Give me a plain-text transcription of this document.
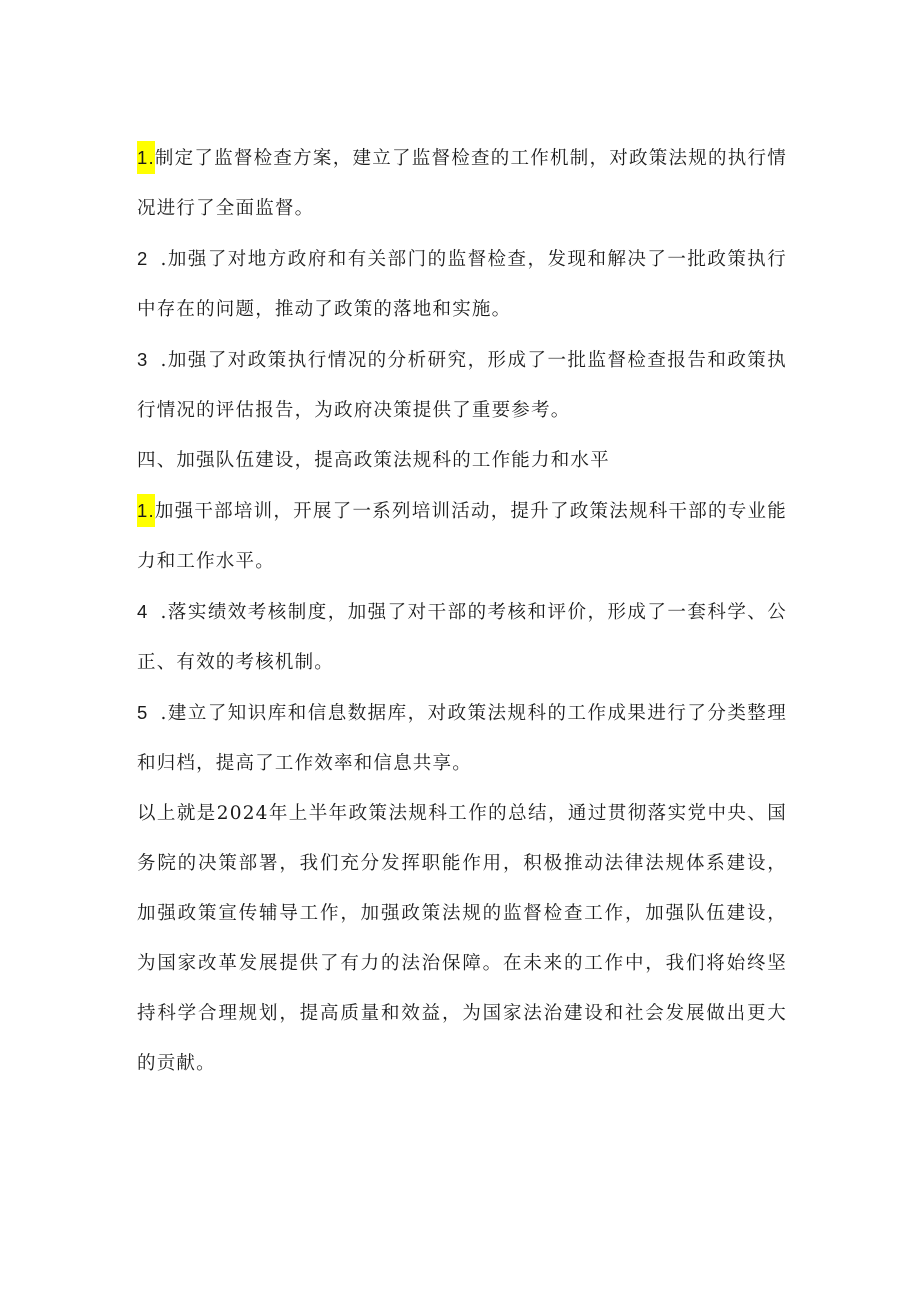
1.制定了监督检查方案，建立了监督检查的工作机制，对政策法规的执行情况进行了全面监督。

2 .加强了对地方政府和有关部门的监督检查，发现和解决了一批政策执行中存在的问题，推动了政策的落地和实施。

3 .加强了对政策执行情况的分析研究，形成了一批监督检查报告和政策执行情况的评估报告，为政府决策提供了重要参考。

四、加强队伍建设，提高政策法规科的工作能力和水平

1.加强干部培训，开展了一系列培训活动，提升了政策法规科干部的专业能力和工作水平。

4 .落实绩效考核制度，加强了对干部的考核和评价，形成了一套科学、公正、有效的考核机制。

5 .建立了知识库和信息数据库，对政策法规科的工作成果进行了分类整理和归档，提高了工作效率和信息共享。

以上就是2024年上半年政策法规科工作的总结，通过贯彻落实党中央、国务院的决策部署，我们充分发挥职能作用，积极推动法律法规体系建设，加强政策宣传辅导工作，加强政策法规的监督检查工作，加强队伍建设，为国家改革发展提供了有力的法治保障。在未来的工作中，我们将始终坚持科学合理规划，提高质量和效益，为国家法治建设和社会发展做出更大的贡献。
